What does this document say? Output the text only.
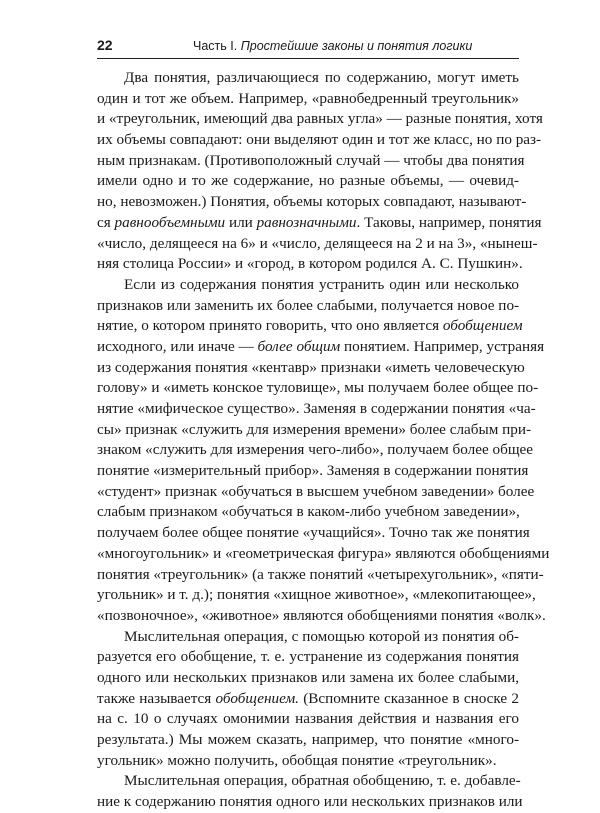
22	Часть I. Простейшие законы и понятия логики
Два понятия, различающиеся по содержанию, могут иметь
один и тот же объем. Например, «равнобедренный треугольник»
и «треугольник, имеющий два равных угла» — разные понятия, хотя
их объемы совпадают: они выделяют один и тот же класс, но по раз-
ным признакам. (Противоположный случай — чтобы два понятия
имели одно и то же содержание, но разные объемы, — очевид-
но, невозможен.) Понятия, объемы которых совпадают, называют-
ся равнообъемными или равнозначными. Таковы, например, понятия
«число, делящееся на 6» и «число, делящееся на 2 и на 3», «нынеш-
няя столица России» и «город, в котором родился А. С. Пушкин».
Если из содержания понятия устранить один или несколько
признаков или заменить их более слабыми, получается новое по-
нятие, о котором принято говорить, что оно является обобщением
исходного, или иначе — более общим понятием. Например, устраняя
из содержания понятия «кентавр» признаки «иметь человеческую
голову» и «иметь конское туловище», мы получаем более общее по-
нятие «мифическое существо». Заменяя в содержании понятия «ча-
сы» признак «служить для измерения времени» более слабым при-
знаком «служить для измерения чего-либо», получаем более общее
понятие «измерительный прибор». Заменяя в содержании понятия
«студент» признак «обучаться в высшем учебном заведении» более
слабым признаком «обучаться в каком-либо учебном заведении»,
получаем более общее понятие «учащийся». Точно так же понятия
«многоугольник» и «геометрическая фигура» являются обобщениями
понятия «треугольник» (а также понятий «четырехугольник», «пяти-
угольник» и т. д.); понятия «хищное животное», «млекопитающее»,
«позвоночное», «животное» являются обобщениями понятия «волк».
Мыслительная операция, с помощью которой из понятия об-
разуется его обобщение, т. е. устранение из содержания понятия
одного или нескольких признаков или замена их более слабыми,
также называется обобщением. (Вспомните сказанное в сноске 2
на с. 10 о случаях омонимии названия действия и названия его
результата.) Мы можем сказать, например, что понятие «много-
угольник» можно получить, обобщая понятие «треугольник».
Мыслительная операция, обратная обобщению, т. е. добавле-
ние к содержанию понятия одного или нескольких признаков или
